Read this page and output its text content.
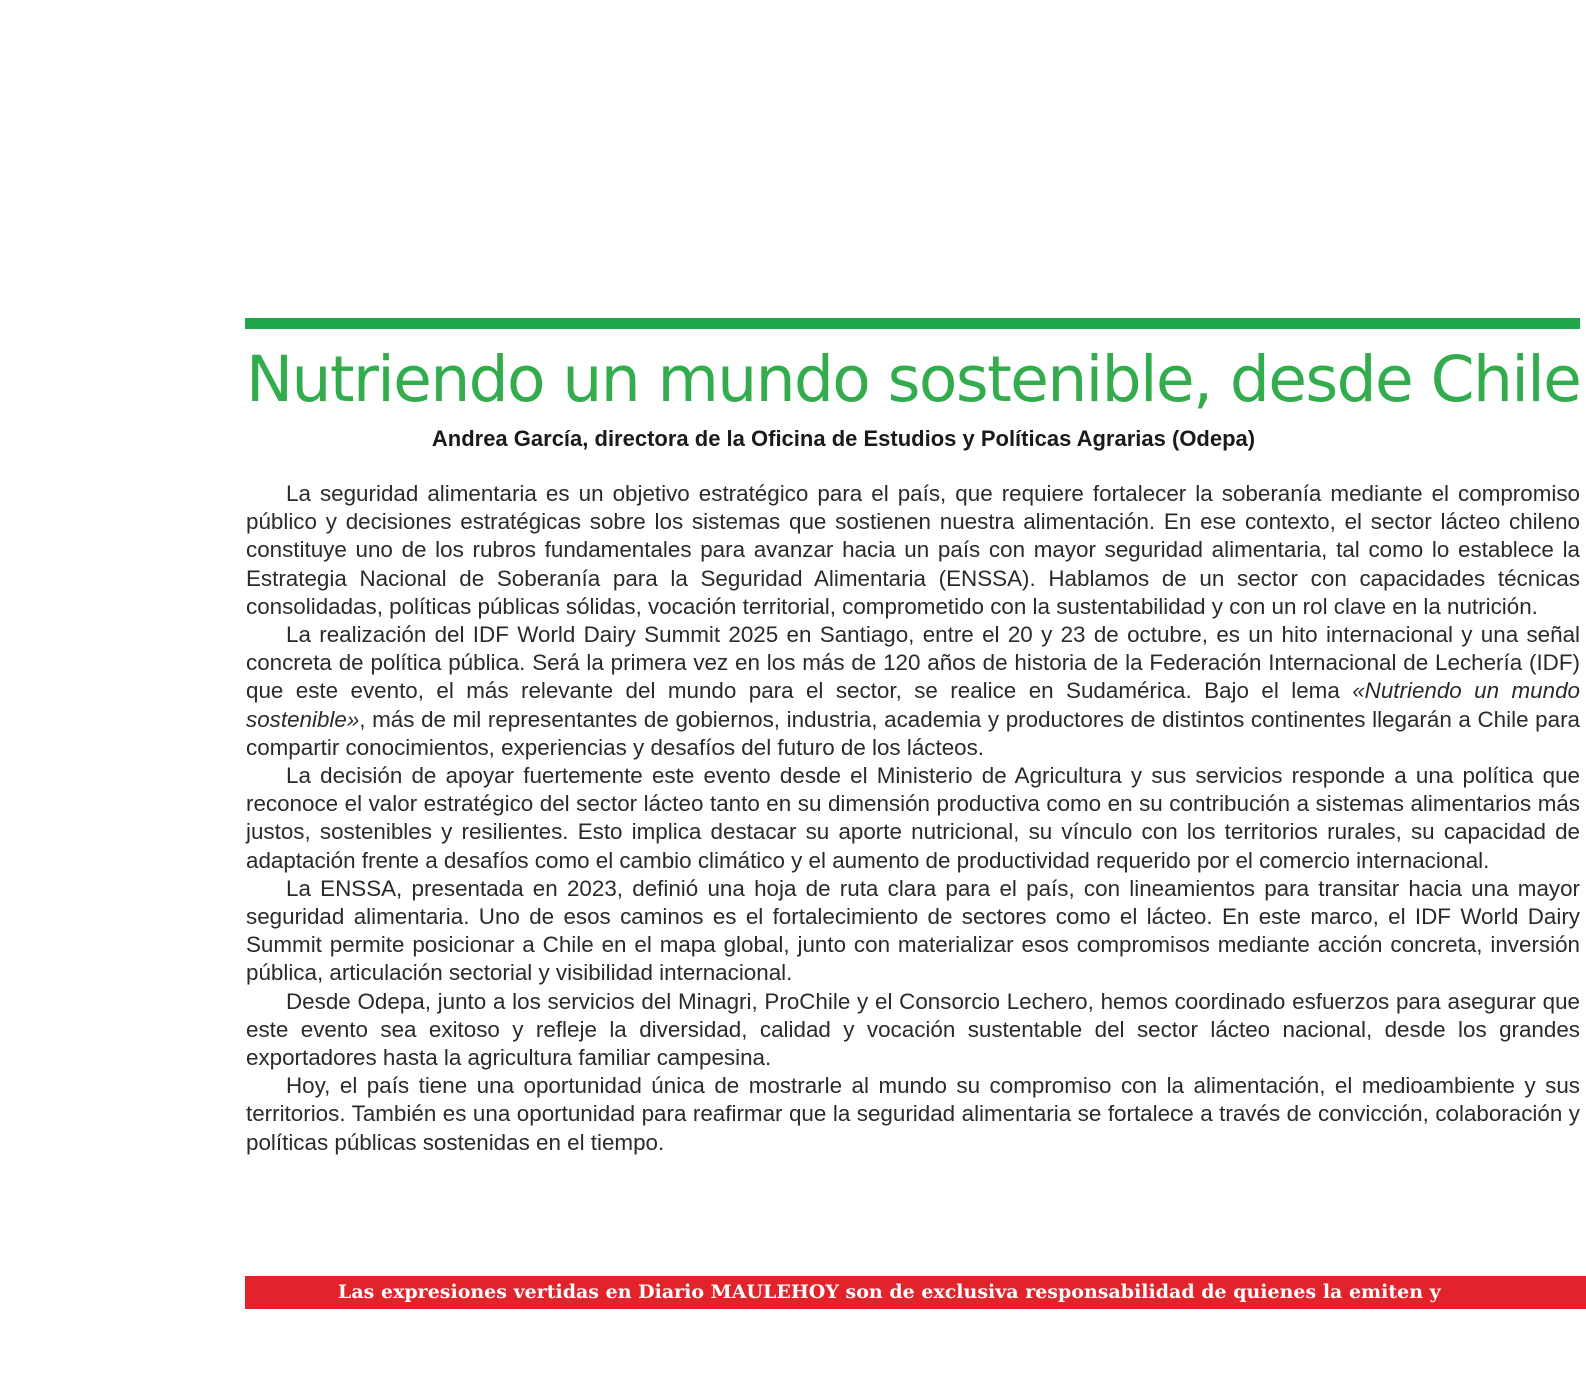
Nutriendo un mundo sostenible, desde Chile
Andrea García, directora de la Oficina de Estudios y Políticas Agrarias (Odepa)

La seguridad alimentaria es un objetivo estratégico para el país, que requiere fortalecer la soberanía mediante el compromiso público y decisiones estratégicas sobre los sistemas que sostienen nuestra alimentación. En ese contexto, el sector lácteo chileno constituye uno de los rubros fundamentales para avanzar hacia un país con mayor seguridad alimentaria, tal como lo establece la Estrategia Nacional de Soberanía para la Seguridad Alimentaria (ENSSA). Hablamos de un sector con capacidades técnicas consolidadas, políticas públicas sólidas, vocación territorial, comprometido con la sustentabilidad y con un rol clave en la nutrición.

La realización del IDF World Dairy Summit 2025 en Santiago, entre el 20 y 23 de octubre, es un hito internacional y una señal concreta de política pública. Será la primera vez en los más de 120 años de historia de la Federación Internacional de Lechería (IDF) que este evento, el más relevante del mundo para el sector, se realice en Sudamérica. Bajo el lema «Nutriendo un mundo sostenible», más de mil representantes de gobiernos, industria, academia y productores de distintos continentes llegarán a Chile para compartir conocimientos, experiencias y desafíos del futuro de los lácteos.

La decisión de apoyar fuertemente este evento desde el Ministerio de Agricultura y sus servicios responde a una política que reconoce el valor estratégico del sector lácteo tanto en su dimensión productiva como en su contribución a sistemas alimentarios más justos, sostenibles y resilientes. Esto implica destacar su aporte nutricional, su vínculo con los territorios rurales, su capacidad de adaptación frente a desafíos como el cambio climático y el aumento de productividad requerido por el comercio internacional.

La ENSSA, presentada en 2023, definió una hoja de ruta clara para el país, con lineamientos para transitar hacia una mayor seguridad alimentaria. Uno de esos caminos es el fortalecimiento de sectores como el lácteo. En este marco, el IDF World Dairy Summit permite posicionar a Chile en el mapa global, junto con materializar esos compromisos mediante acción concreta, inversión pública, articulación sectorial y visibilidad internacional.

Desde Odepa, junto a los servicios del Minagri, ProChile y el Consorcio Lechero, hemos coordinado esfuerzos para asegurar que este evento sea exitoso y refleje la diversidad, calidad y vocación sustentable del sector lácteo nacional, desde los grandes exportadores hasta la agricultura familiar campesina.

Hoy, el país tiene una oportunidad única de mostrarle al mundo su compromiso con la alimentación, el medioambiente y sus territorios. También es una oportunidad para reafirmar que la seguridad alimentaria se fortalece a través de convicción, colaboración y políticas públicas sostenidas en el tiempo.

Las expresiones vertidas en Diario MAULEHOY son de exclusiva responsabilidad de quienes la emiten y
